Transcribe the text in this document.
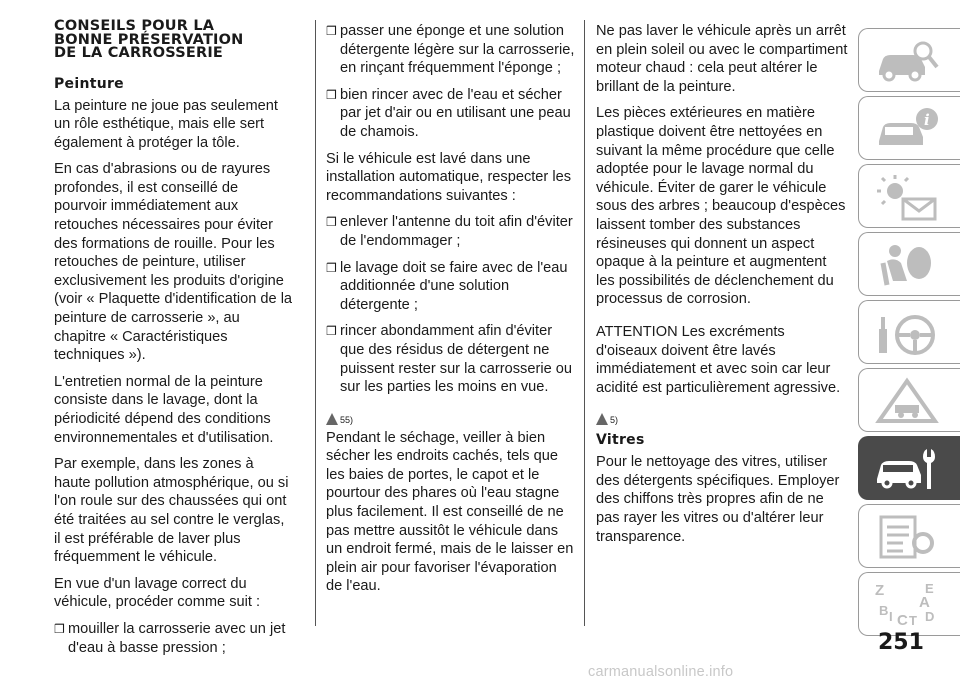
CONSEILS POUR LA
BONNE PRÉSERVATION
DE LA CARROSSERIE
Peinture

La peinture ne joue pas seulement un rôle esthétique, mais elle sert également à protéger la tôle.

En cas d'abrasions ou de rayures profondes, il est conseillé de pourvoir immédiatement aux retouches nécessaires pour éviter des formations de rouille. Pour les retouches de peinture, utiliser exclusivement les produits d'origine (voir « Plaquette d'identification de la peinture de carrosserie », au chapitre « Caractéristiques techniques »).

L'entretien normal de la peinture consiste dans le lavage, dont la périodicité dépend des conditions environnementales et d'utilisation.

Par exemple, dans les zones à haute pollution atmosphérique, ou si l'on roule sur des chaussées qui ont été traitées au sel contre le verglas, il est préférable de laver plus fréquemment le véhicule.

En vue d'un lavage correct du véhicule, procéder comme suit :

❒ mouiller la carrosserie avec un jet d'eau à basse pression ;
❒ passer une éponge et une solution détergente légère sur la carrosserie, en rinçant fréquemment l'éponge ;
❒ bien rincer avec de l'eau et sécher par jet d'air ou en utilisant une peau de chamois.

Si le véhicule est lavé dans une installation automatique, respecter les recommandations suivantes :

❒ enlever l'antenne du toit afin d'éviter de l'endommager ;
❒ le lavage doit se faire avec de l'eau additionnée d'une solution détergente ;
❒ rincer abondamment afin d'éviter que des résidus de détergent ne puissent rester sur la carrosserie ou sur les parties les moins en vue.
55)

Pendant le séchage, veiller à bien sécher les endroits cachés, tels que les baies de portes, le capot et le pourtour des phares où l'eau stagne plus facilement. Il est conseillé de ne pas mettre aussitôt le véhicule dans un endroit fermé, mais de le laisser en plein air pour favoriser l'évaporation de l'eau.

Ne pas laver le véhicule après un arrêt en plein soleil ou avec le compartiment moteur chaud : cela peut altérer le brillant de la peinture.

Les pièces extérieures en matière plastique doivent être nettoyées en suivant la même procédure que celle adoptée pour le lavage normal du véhicule. Éviter de garer le véhicule sous des arbres ; beaucoup d'espèces laissent tomber des substances résineuses qui donnent un aspect opaque à la peinture et augmentent les possibilités de déclenchement du processus de corrosion.

ATTENTION Les excréments d'oiseaux doivent être lavés immédiatement et avec soin car leur acidité est particulièrement agressive.

5)
Vitres

Pour le nettoyage des vitres, utiliser des détergents spécifiques. Employer des chiffons très propres afin de ne pas rayer les vitres ou d'altérer leur transparence.

i
Z	E
A
B
C T D
I
251
carmanualsonline.info
